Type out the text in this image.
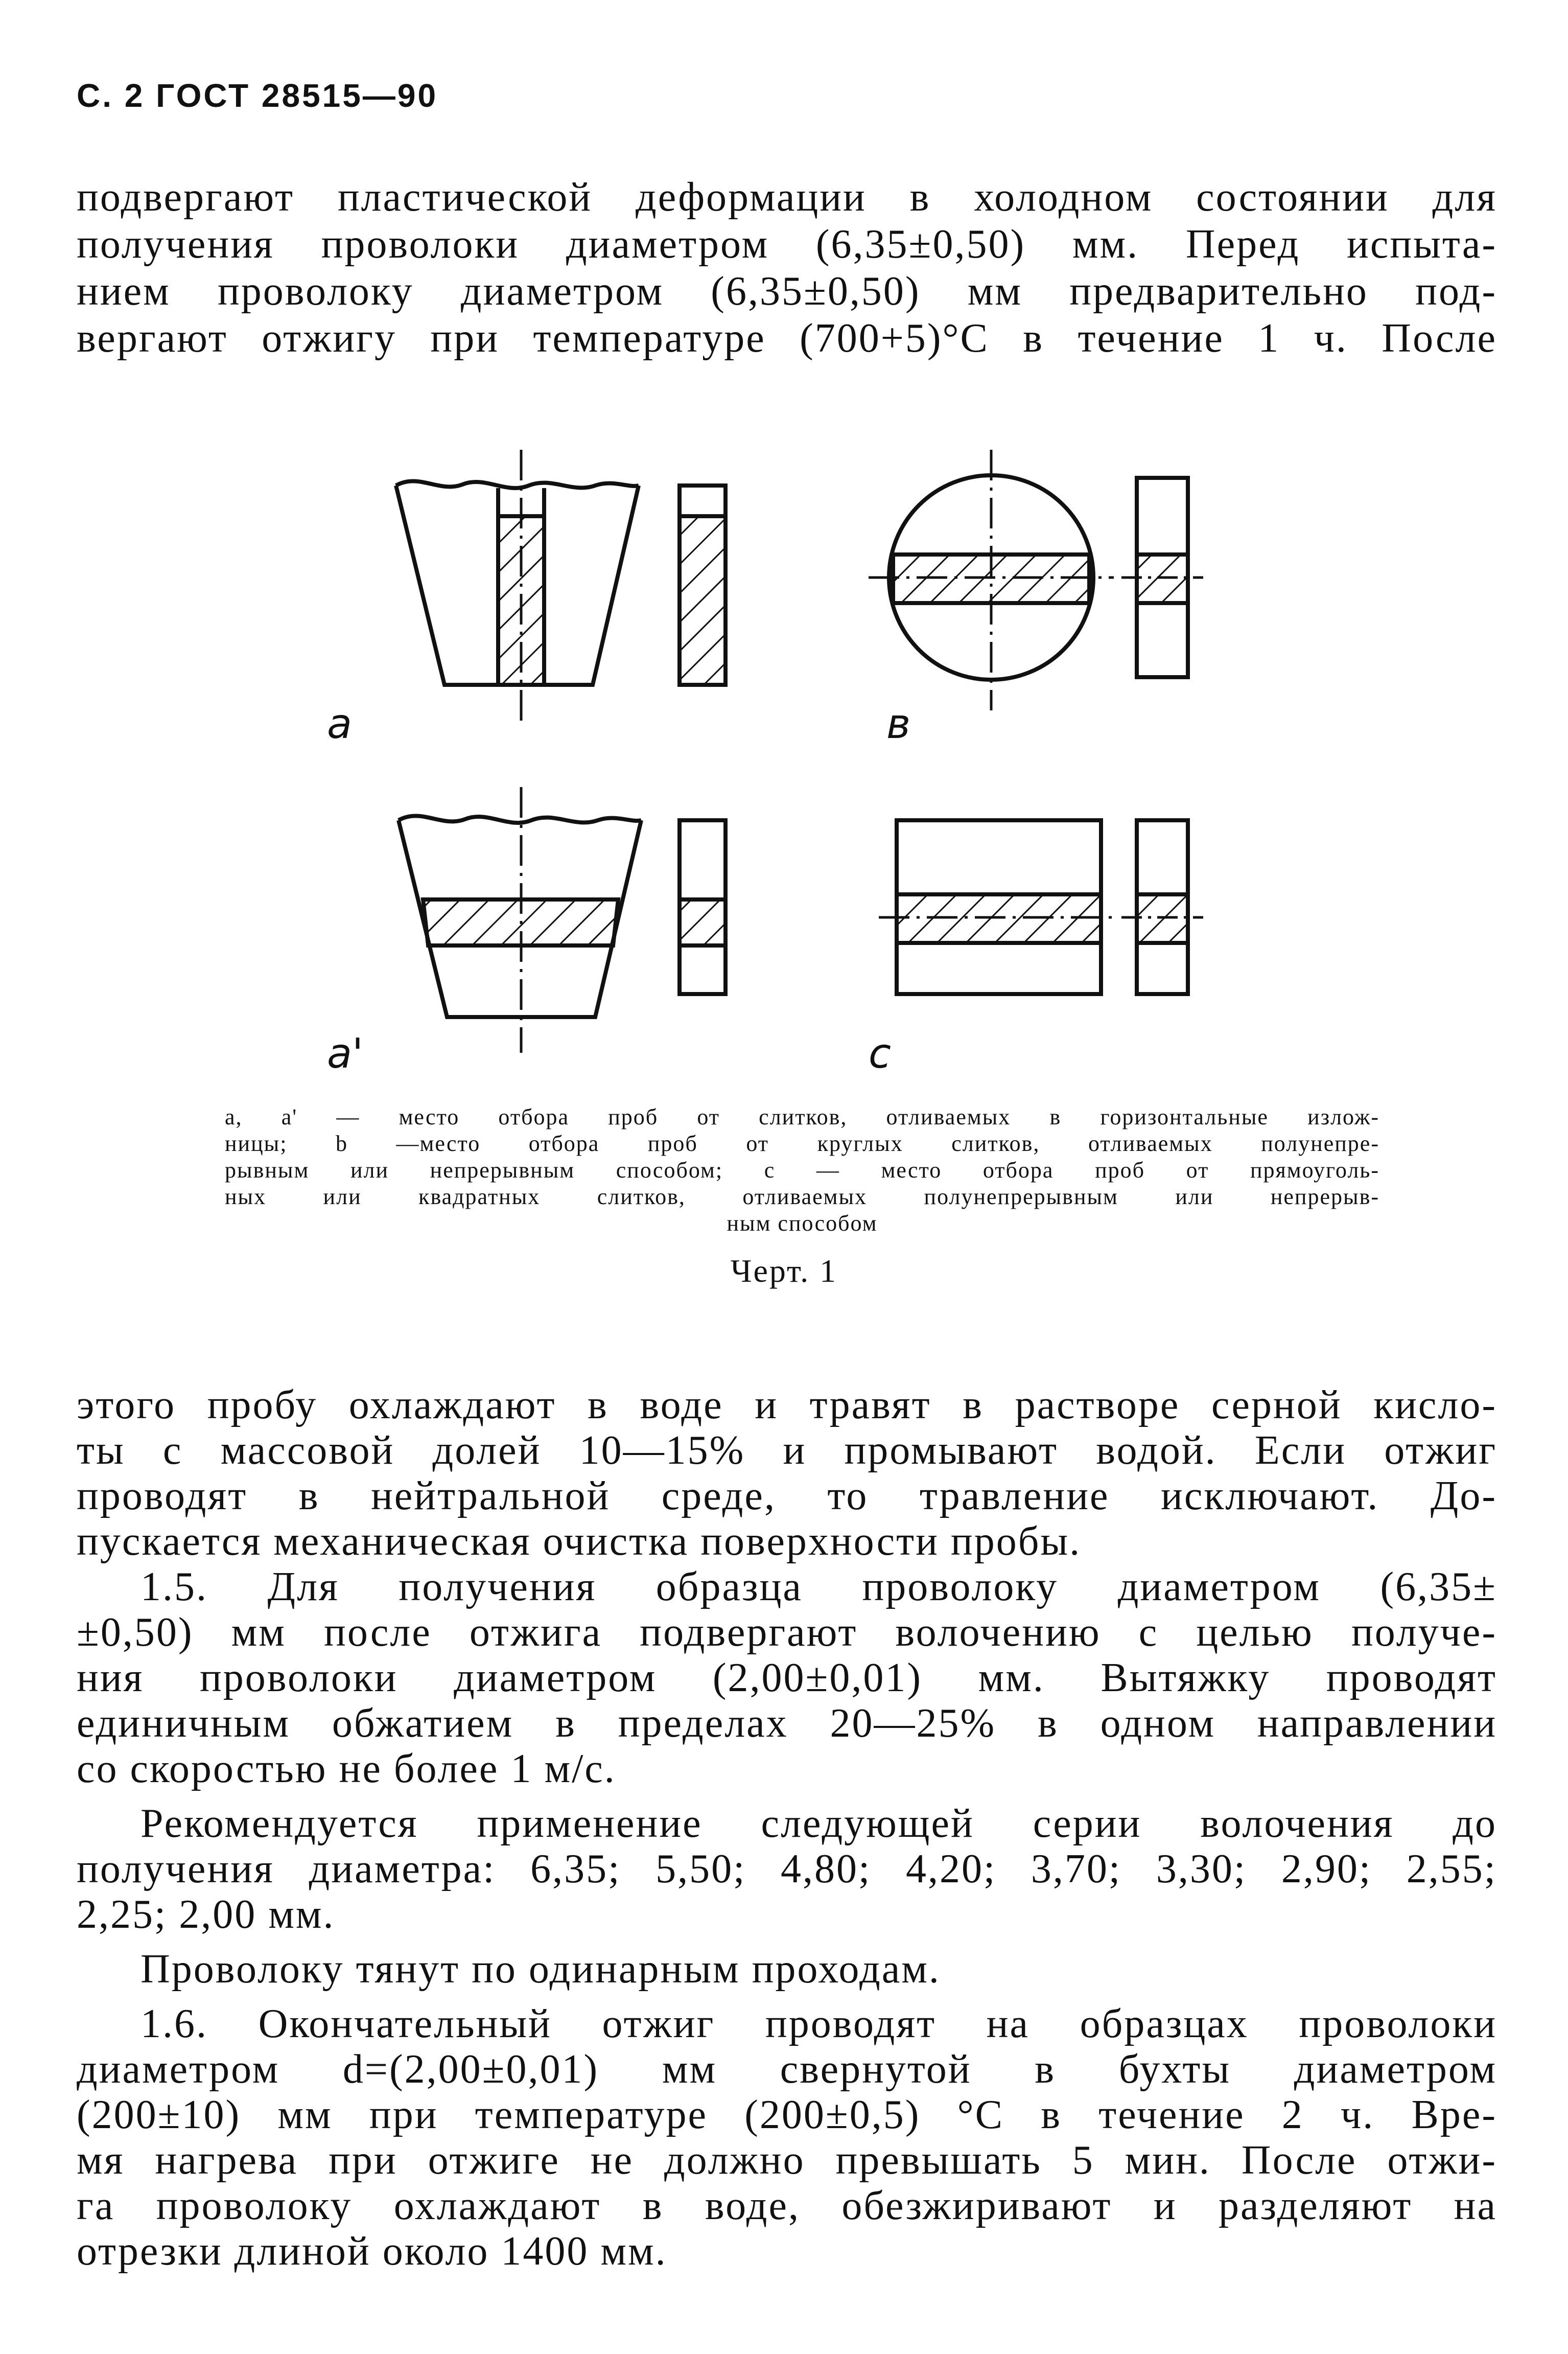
С. 2 ГОСТ 28515—90
подвергают пластической деформации в холодном состоянии для
получения проволоки диаметром (6,35±0,50) мм. Перед испыта-
нием проволоку диаметром (6,35±0,50) мм предварительно под-
вергают отжигу при температуре (700+5)°С в течение 1 ч. После
a	в
a'	c
a, a' — место отбора проб от слитков, отливаемых в горизонтальные излож-
ницы; b —место отбора проб от круглых слитков, отливаемых полунепре-
рывным или непрерывным способом; c — место отбора проб от прямоуголь-
ных или квадратных слитков, отливаемых полунепрерывным или непрерыв-
ным способом
Черт. 1
этого пробу охлаждают в воде и травят в растворе серной кисло-
ты с массовой долей 10—15% и промывают водой. Если отжиг
проводят в нейтральной среде, то травление исключают. До-
пускается механическая очистка поверхности пробы.
1.5. Для получения образца проволоку диаметром (6,35±
±0,50) мм после отжига подвергают волочению с целью получе-
ния проволоки диаметром (2,00±0,01) мм. Вытяжку проводят
единичным обжатием в пределах 20—25% в одном направлении
со скоростью не более 1 м/с.
Рекомендуется применение следующей серии волочения до
получения диаметра: 6,35; 5,50; 4,80; 4,20; 3,70; 3,30; 2,90; 2,55;
2,25; 2,00 мм.
Проволоку тянут по одинарным проходам.
1.6. Окончательный отжиг проводят на образцах проволоки
диаметром d=(2,00±0,01) мм свернутой в бухты диаметром
(200±10) мм при температуре (200±0,5) °С в течение 2 ч. Вре-
мя нагрева при отжиге не должно превышать 5 мин. После отжи-
га проволоку охлаждают в воде, обезжиривают и разделяют на
отрезки длиной около 1400 мм.
